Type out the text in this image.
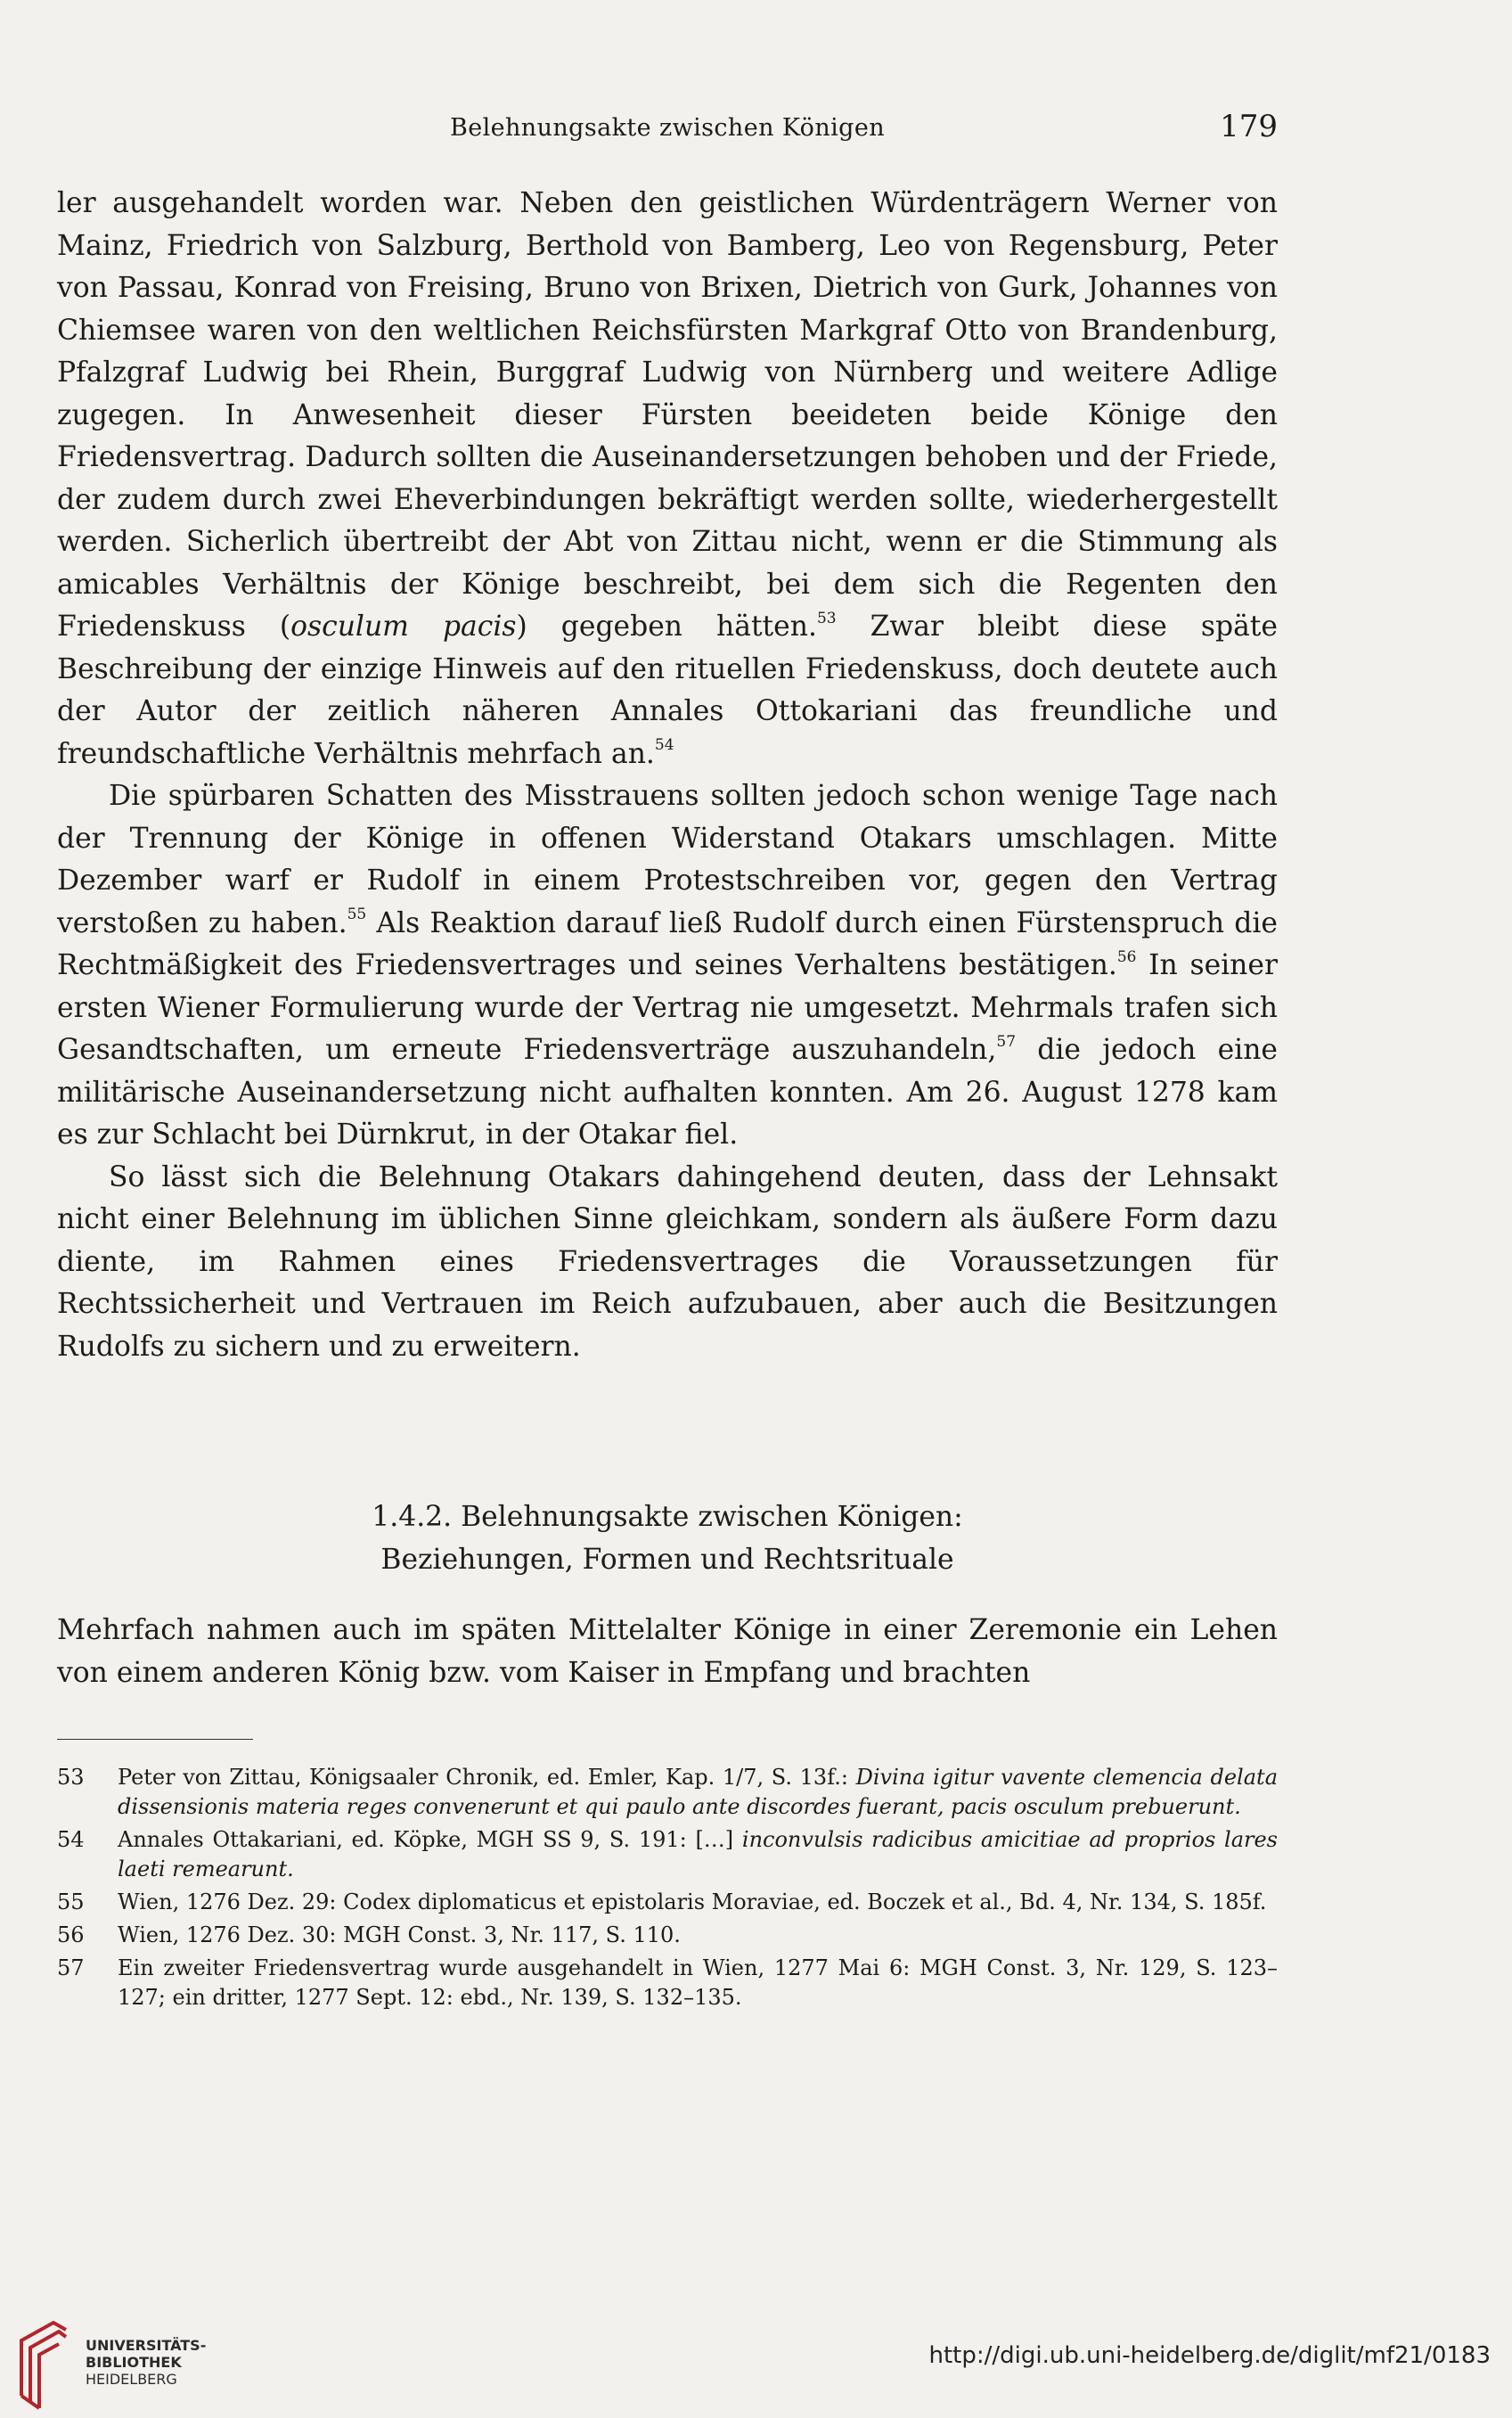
Belehnungsakte zwischen Königen	179

ler ausgehandelt worden war. Neben den geistlichen Würdenträgern Werner von Mainz, Friedrich von Salzburg, Berthold von Bamberg, Leo von Regensburg, Peter von Passau, Konrad von Freising, Bruno von Brixen, Dietrich von Gurk, Johannes von Chiemsee waren von den weltlichen Reichsfürsten Markgraf Otto von Brandenburg, Pfalzgraf Ludwig bei Rhein, Burggraf Ludwig von Nürnberg und weitere Adlige zugegen. In Anwesenheit dieser Fürsten beeideten beide Könige den Friedensvertrag. Dadurch sollten die Auseinandersetzungen behoben und der Friede, der zudem durch zwei Eheverbindungen bekräftigt werden sollte, wiederhergestellt werden. Sicherlich übertreibt der Abt von Zittau nicht, wenn er die Stimmung als amicables Verhältnis der Könige beschreibt, bei dem sich die Regenten den Friedenskuss (osculum pacis) gegeben hätten.$^{53}$ Zwar bleibt diese späte Beschreibung der einzige Hinweis auf den rituellen Friedenskuss, doch deutete auch der Autor der zeitlich näheren Annales Ottokariani das freundliche und freundschaftliche Verhältnis mehrfach an.$^{54}$

Die spürbaren Schatten des Misstrauens sollten jedoch schon wenige Tage nach der Trennung der Könige in offenen Widerstand Otakars umschlagen. Mitte Dezember warf er Rudolf in einem Protestschreiben vor, gegen den Vertrag verstoßen zu haben.$^{55}$ Als Reaktion darauf ließ Rudolf durch einen Fürstenspruch die Rechtmäßigkeit des Friedensvertrages und seines Verhaltens bestätigen.$^{56}$ In seiner ersten Wiener Formulierung wurde der Vertrag nie umgesetzt. Mehrmals trafen sich Gesandtschaften, um erneute Friedensverträge auszuhandeln,$^{57}$ die jedoch eine militärische Auseinandersetzung nicht aufhalten konnten. Am 26. August 1278 kam es zur Schlacht bei Dürnkrut, in der Otakar fiel.

So lässt sich die Belehnung Otakars dahingehend deuten, dass der Lehnsakt nicht einer Belehnung im üblichen Sinne gleichkam, sondern als äußere Form dazu diente, im Rahmen eines Friedensvertrages die Voraussetzungen für Rechtssicherheit und Vertrauen im Reich aufzubauen, aber auch die Besitzungen Rudolfs zu sichern und zu erweitern.

1.4.2. Belehnungsakte zwischen Königen:
Beziehungen, Formen und Rechtsrituale
Mehrfach nahmen auch im späten Mittelalter Könige in einer Zeremonie ein Lehen von einem anderen König bzw. vom Kaiser in Empfang und brachten
53 Peter von Zittau, Königsaaler Chronik, ed. Emler, Kap. 1/7, S. 13f.: Divina igitur vavente clemencia delata dissensionis materia reges convenerunt et qui paulo ante discordes fuerant, pacis osculum prebuerunt.
54 Annales Ottakariani, ed. Köpke, MGH SS 9, S. 191: […] inconvulsis radicibus amicitiae ad proprios lares laeti remearunt.
55 Wien, 1276 Dez. 29: Codex diplomaticus et epistolaris Moraviae, ed. Boczek et al., Bd. 4, Nr. 134, S. 185f.
56 Wien, 1276 Dez. 30: MGH Const. 3, Nr. 117, S. 110.
57 Ein zweiter Friedensvertrag wurde ausgehandelt in Wien, 1277 Mai 6: MGH Const. 3, Nr. 129, S. 123–127; ein dritter, 1277 Sept. 12: ebd., Nr. 139, S. 132–135.
UNIVERSITÄTS-
BIBLIOTHEK
HEIDELBERG
http://digi.ub.uni-heidelberg.de/diglit/mf21/0183
